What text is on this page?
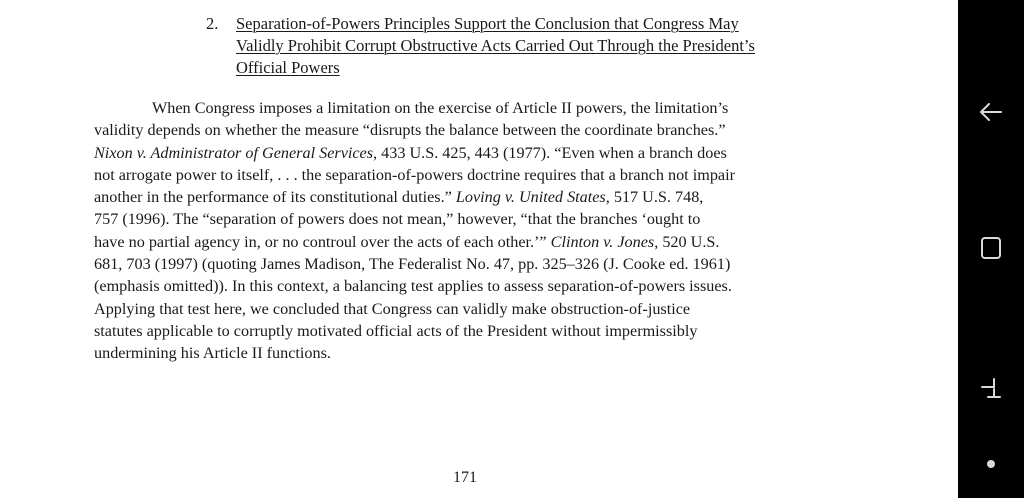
2. Separation-of-Powers Principles Support the Conclusion that Congress May
Validly Prohibit Corrupt Obstructive Acts Carried Out Through the President’s
Official Powers
When Congress imposes a limitation on the exercise of Article II powers, the limitation’s
validity depends on whether the measure “disrupts the balance between the coordinate branches.”
Nixon v. Administrator of General Services, 433 U.S. 425, 443 (1977). “Even when a branch does
not arrogate power to itself, . . . the separation-of-powers doctrine requires that a branch not impair
another in the performance of its constitutional duties.” Loving v. United States, 517 U.S. 748,
757 (1996). The “separation of powers does not mean,” however, “that the branches ‘ought to
have no partial agency in, or no controul over the acts of each other.’” Clinton v. Jones, 520 U.S.
681, 703 (1997) (quoting James Madison, The Federalist No. 47, pp. 325–326 (J. Cooke ed. 1961)
(emphasis omitted)). In this context, a balancing test applies to assess separation-of-powers issues.
Applying that test here, we concluded that Congress can validly make obstruction-of-justice
statutes applicable to corruptly motivated official acts of the President without impermissibly
undermining his Article II functions.
171
